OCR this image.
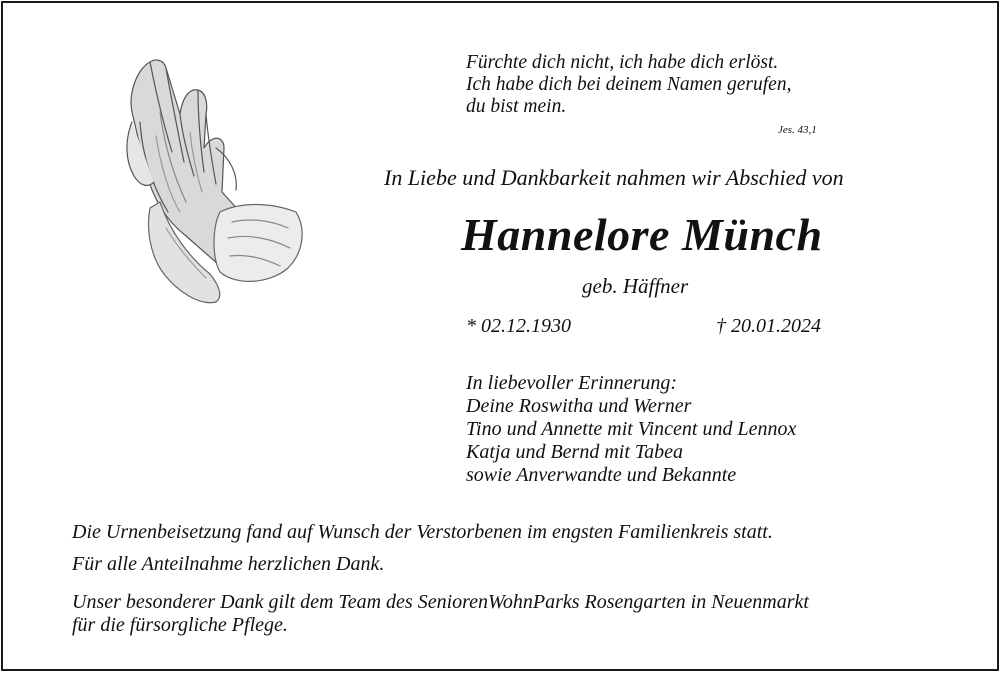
Fürchte dich nicht, ich habe dich erlöst.
Ich habe dich bei deinem Namen gerufen,
du bist mein.
Jes. 43,1
In Liebe und Dankbarkeit nahmen wir Abschied von
Hannelore Münch
geb. Häffner
* 02.12.1930	† 20.01.2024
In liebevoller Erinnerung:
Deine Roswitha und Werner
Tino und Annette mit Vincent und Lennox
Katja und Bernd mit Tabea
sowie Anverwandte und Bekannte
Die Urnenbeisetzung fand auf Wunsch der Verstorbenen im engsten Familienkreis statt.
Für alle Anteilnahme herzlichen Dank.
Unser besonderer Dank gilt dem Team des SeniorenWohnParks Rosengarten in Neuenmarkt
für die fürsorgliche Pflege.
